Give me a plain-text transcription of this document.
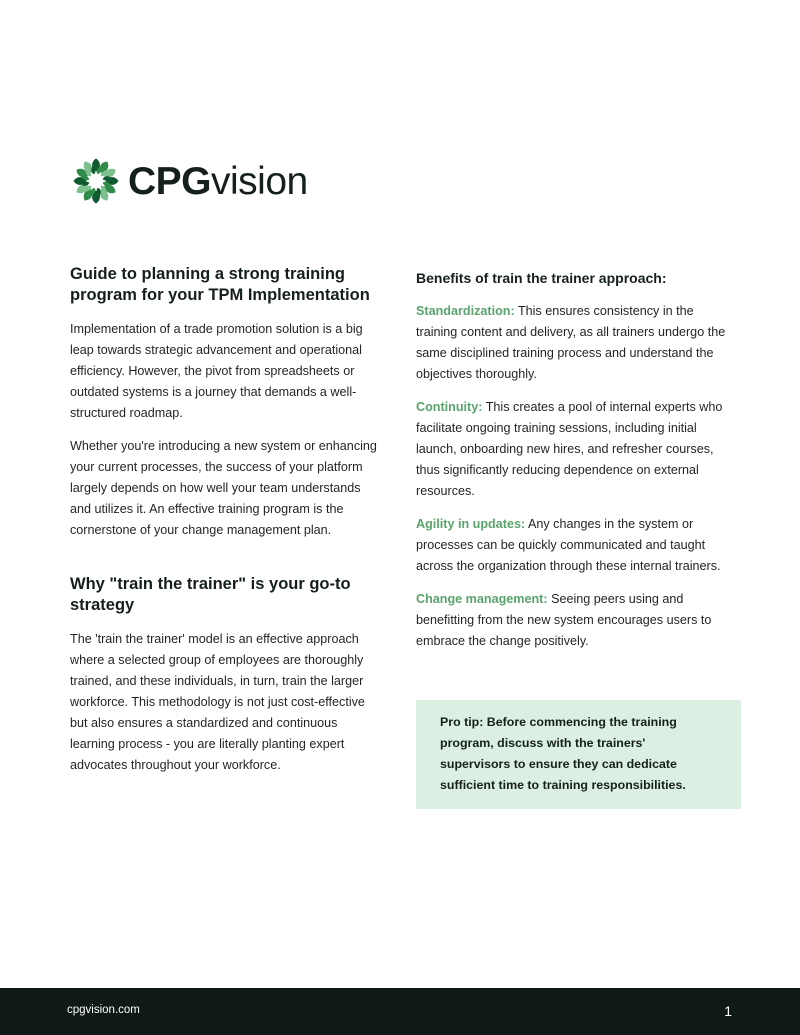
CPGvision
Guide to planning a strong training program for your TPM Implementation

Implementation of a trade promotion solution is a big leap towards strategic advancement and operational efficiency. However, the pivot from spreadsheets or outdated systems is a journey that demands a well-structured roadmap.

Whether you're introducing a new system or enhancing your current processes, the success of your platform largely depends on how well your team understands and utilizes it. An effective training program is the cornerstone of your change management plan.

Why "train the trainer" is your go-to strategy

The 'train the trainer' model is an effective approach where a selected group of employees are thoroughly trained, and these individuals, in turn, train the larger workforce. This methodology is not just cost-effective but also ensures a standardized and continuous learning process - you are literally planting expert advocates throughout your workforce.

Benefits of train the trainer approach:

Standardization: This ensures consistency in the training content and delivery, as all trainers undergo the same disciplined training process and understand the objectives thoroughly.

Continuity: This creates a pool of internal experts who facilitate ongoing training sessions, including initial launch, onboarding new hires, and refresher courses, thus significantly reducing dependence on external resources.

Agility in updates: Any changes in the system or processes can be quickly communicated and taught across the organization through these internal trainers.

Change management: Seeing peers using and benefitting from the new system encourages users to embrace the change positively.

Pro tip: Before commencing the training program, discuss with the trainers' supervisors to ensure they can dedicate sufficient time to training responsibilities.
cpgvision.com	1
